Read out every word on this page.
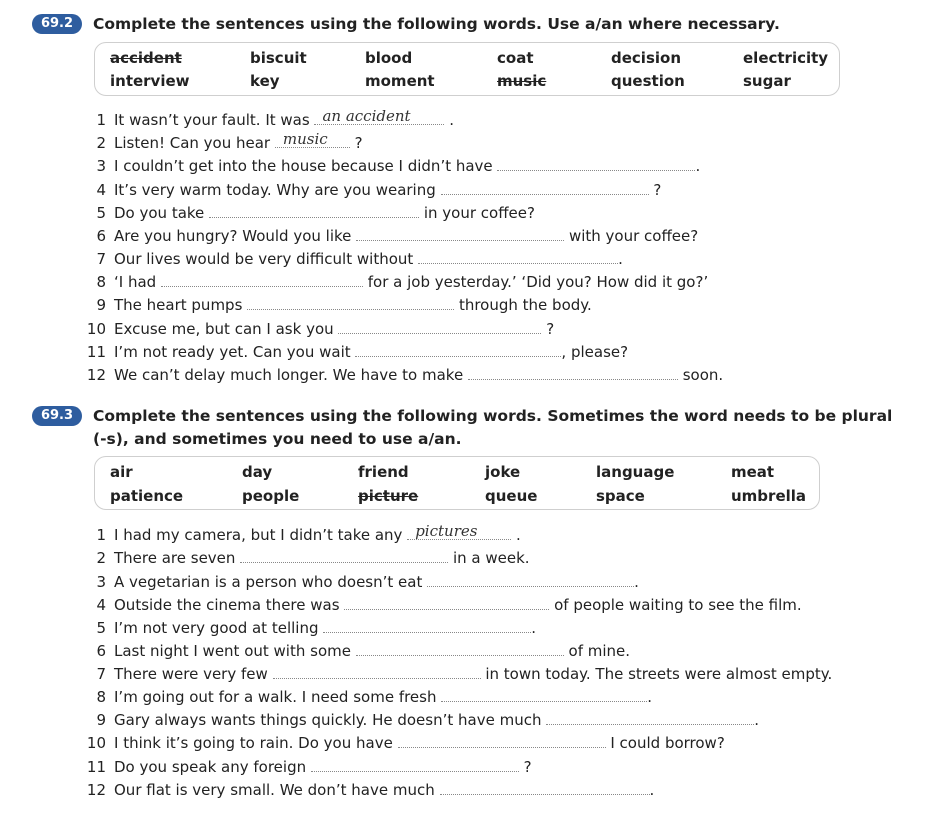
69.2	Complete the sentences using the following words. Use a/an where necessary.
accident	biscuit	blood	coat	decision	electricity
interview	key	moment	music	question	sugar
1 It wasn’t your fault. It was an accident	.
2 Listen! Can you hear music ?
3 I couldn’t get into the house because I didn’t have	.
4 It’s very warm today. Why are you wearing	?
5 Do you take	in your coffee?
6 Are you hungry? Would you like	with your coffee?
7 Our lives would be very difficult without	.
8 ‘I had	for a job yesterday.’ ‘Did you? How did it go?’
9 The heart pumps	through the body.
10 Excuse me, but can I ask you	?
11 I’m not ready yet. Can you wait	, please?
12 We can’t delay much longer. We have to make	soon.
69.3	Complete the sentences using the following words. Sometimes the word needs to be plural
(-s), and sometimes you need to use a/an.
air	day	friend	joke	language	meat
patience	people	picture	queue	space	umbrella
1 I had my camera, but I didn’t take any pictures	.
2 There are seven	in a week.
3 A vegetarian is a person who doesn’t eat	.
4 Outside the cinema there was	of people waiting to see the film.
5 I’m not very good at telling	.
6 Last night I went out with some	of mine.
7 There were very few	in town today. The streets were almost empty.
8 I’m going out for a walk. I need some fresh	.
9 Gary always wants things quickly. He doesn’t have much	.
10 I think it’s going to rain. Do you have	I could borrow?
11 Do you speak any foreign	?
12 Our flat is very small. We don’t have much	.
